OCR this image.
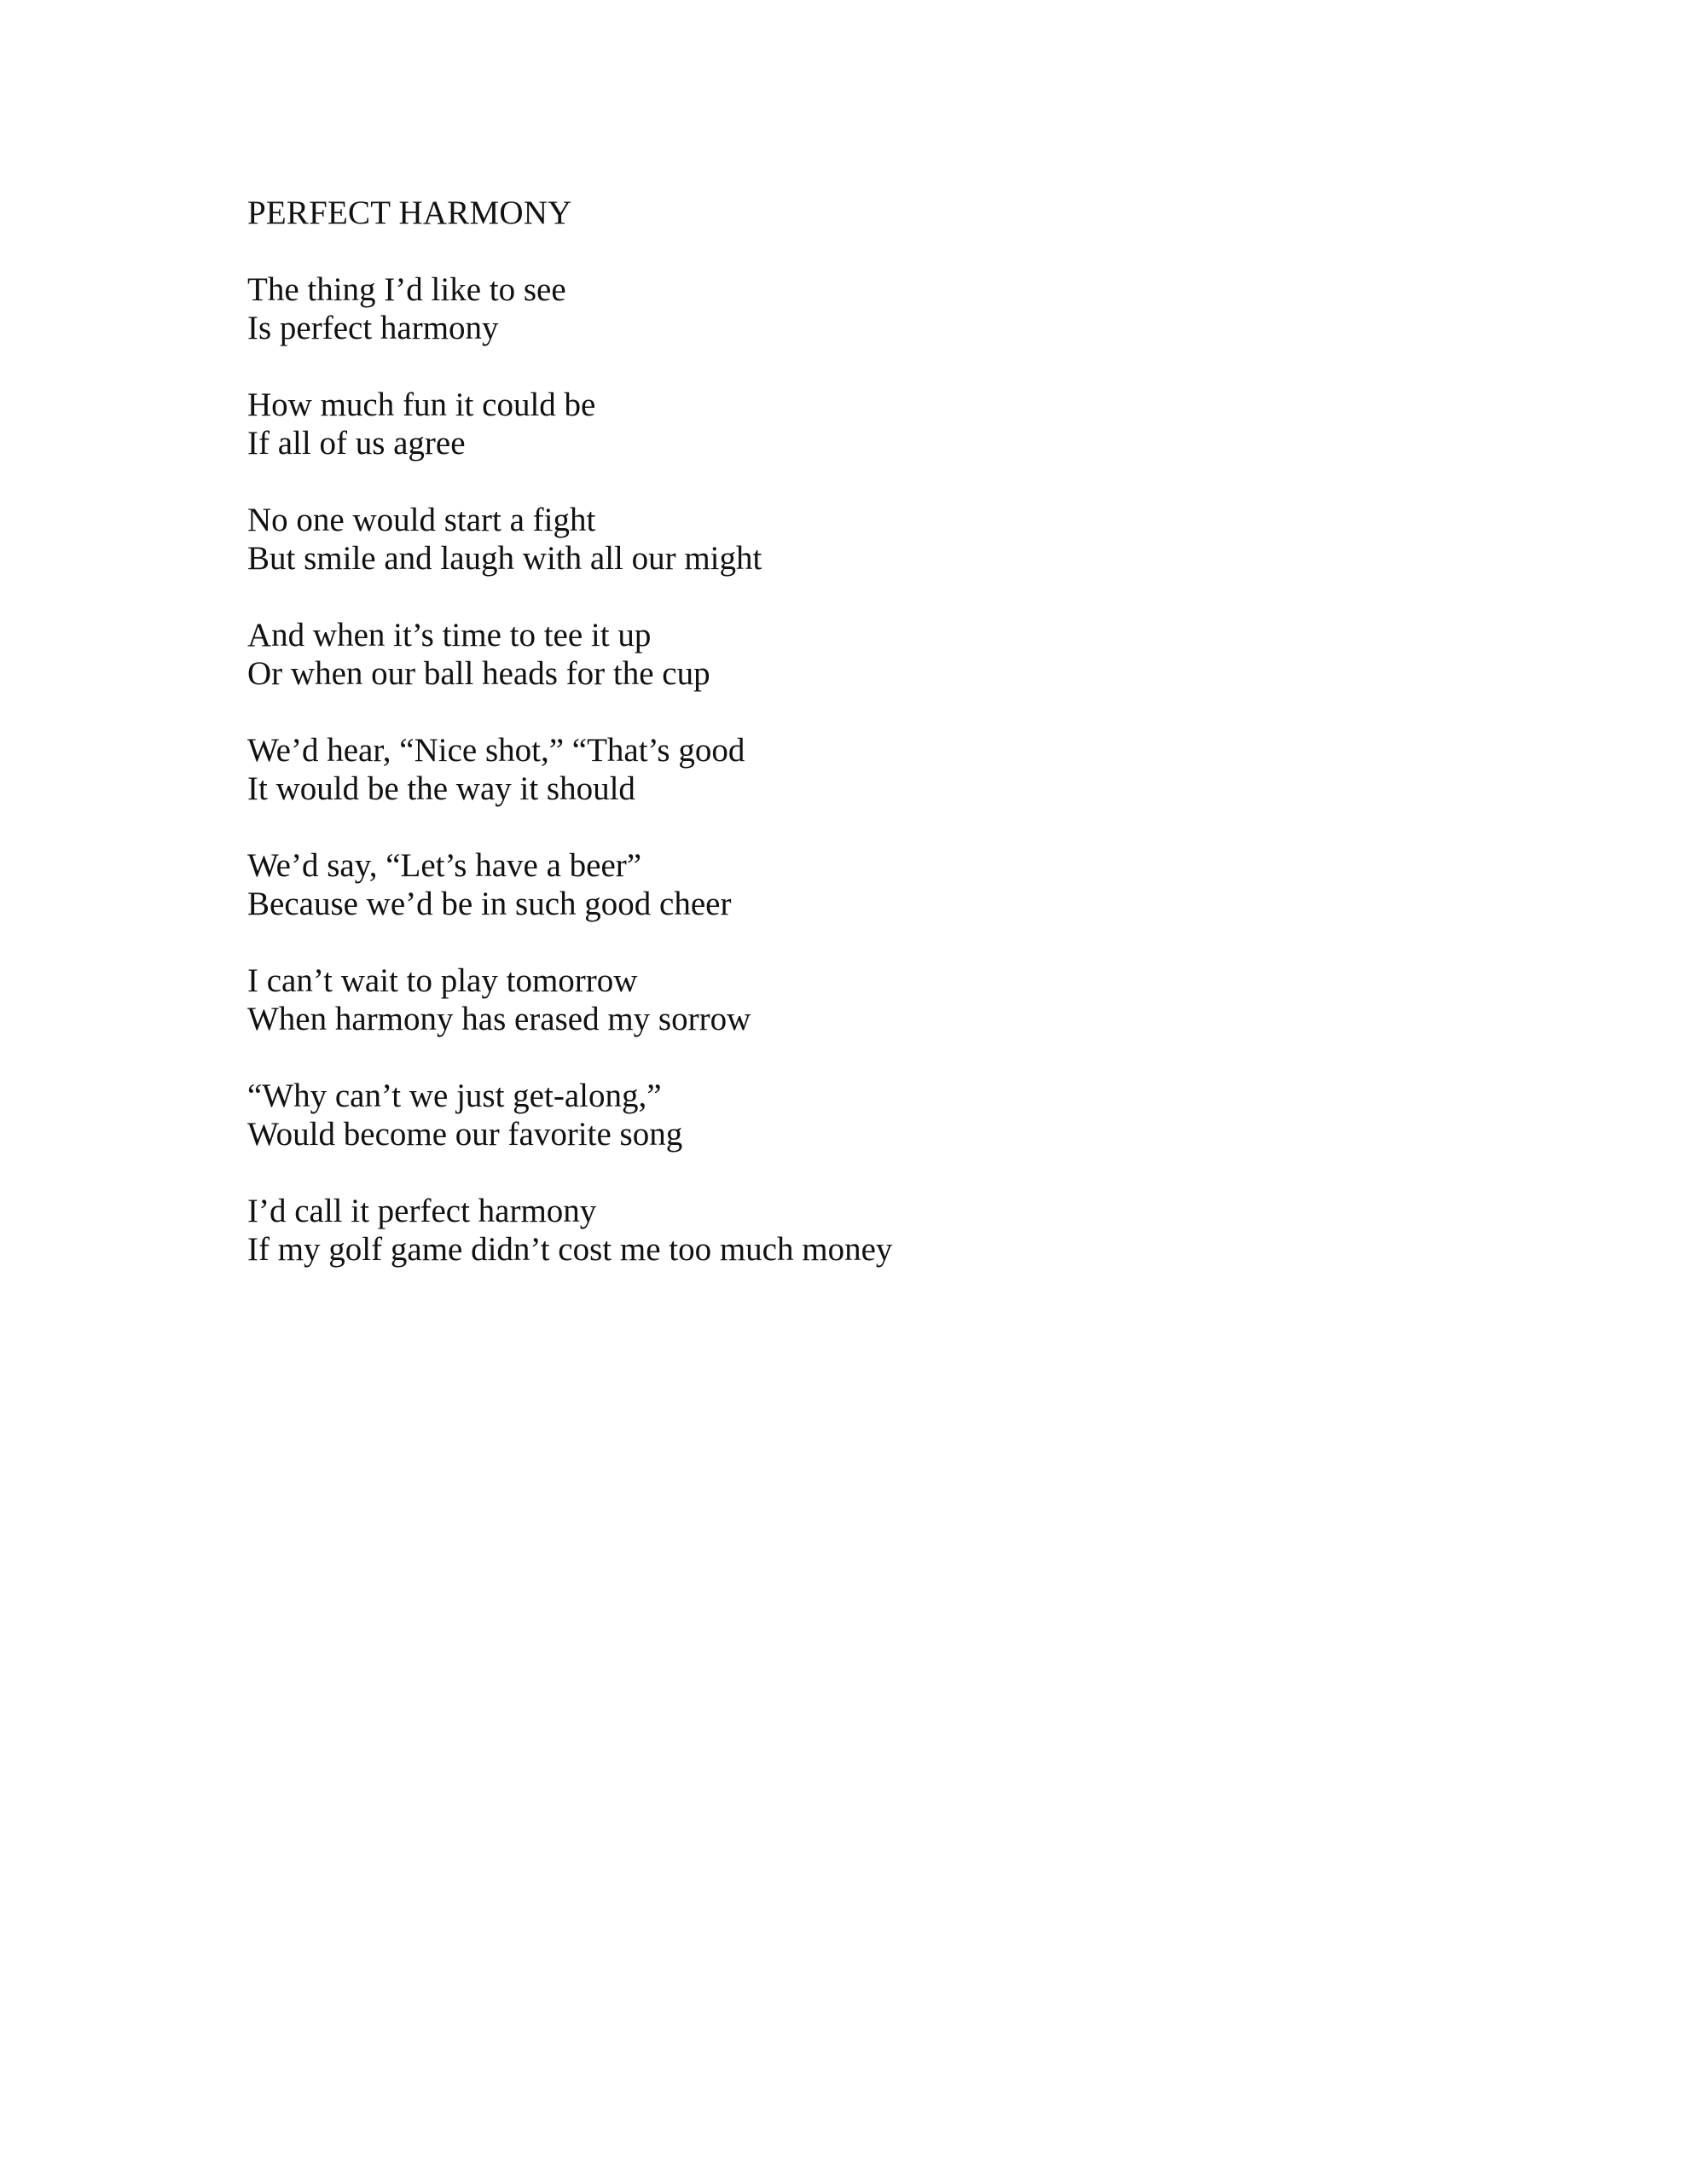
PERFECT HARMONY
The thing I’d like to see
Is perfect harmony
How much fun it could be
If all of us agree
No one would start a fight
But smile and laugh with all our might
And when it’s time to tee it up
Or when our ball heads for the cup
We’d hear, “Nice shot,” “That’s good
It would be the way it should
We’d say, “Let’s have a beer”
Because we’d be in such good cheer
I can’t wait to play tomorrow
When harmony has erased my sorrow
“Why can’t we just get-along,”
Would become our favorite song
I’d call it perfect harmony
If my golf game didn’t cost me too much money
